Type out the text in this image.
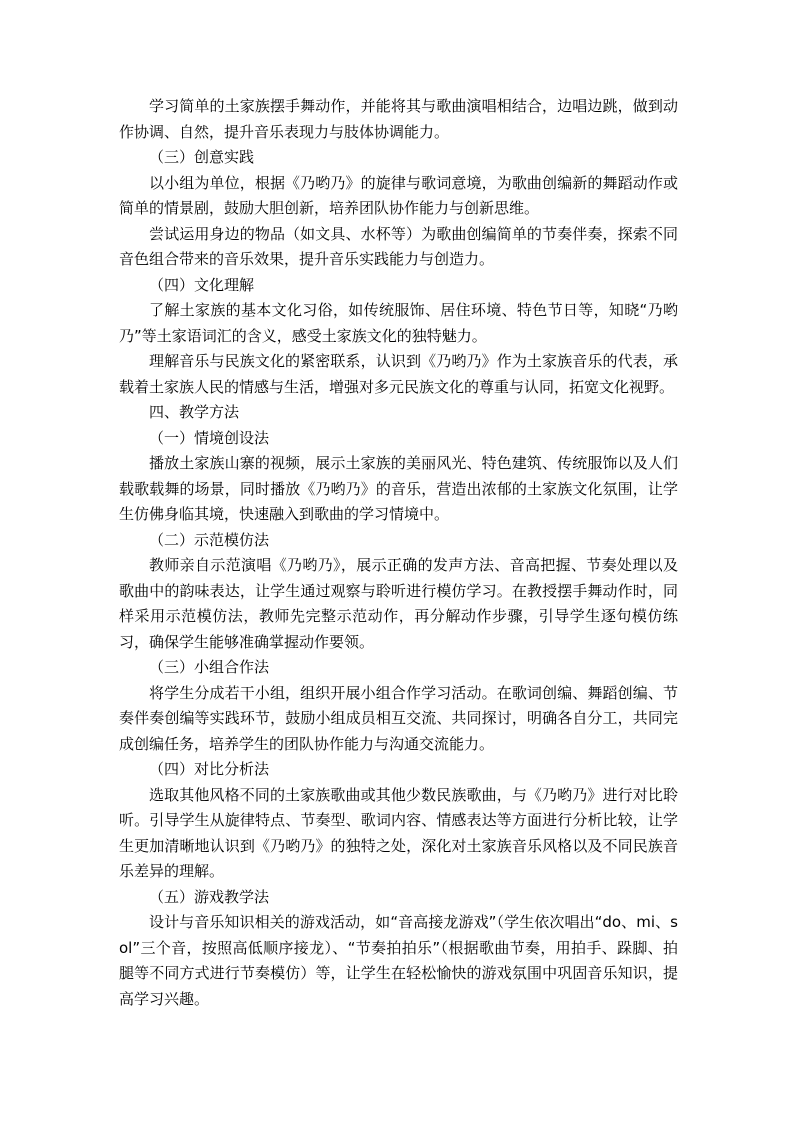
学习简单的土家族摆手舞动作，并能将其与歌曲演唱相结合，边唱边跳，做到动作协调、自然，提升音乐表现力与肢体协调能力。

（三）创意实践

以小组为单位，根据《乃哟乃》的旋律与歌词意境，为歌曲创编新的舞蹈动作或简单的情景剧，鼓励大胆创新，培养团队协作能力与创新思维。

尝试运用身边的物品（如文具、水杯等）为歌曲创编简单的节奏伴奏，探索不同音色组合带来的音乐效果，提升音乐实践能力与创造力。

（四）文化理解

了解土家族的基本文化习俗，如传统服饰、居住环境、特色节日等，知晓“乃哟乃”等土家语词汇的含义，感受土家族文化的独特魅力。

理解音乐与民族文化的紧密联系，认识到《乃哟乃》作为土家族音乐的代表，承载着土家族人民的情感与生活，增强对多元民族文化的尊重与认同，拓宽文化视野。

四、教学方法

（一）情境创设法

播放土家族山寨的视频，展示土家族的美丽风光、特色建筑、传统服饰以及人们载歌载舞的场景，同时播放《乃哟乃》的音乐，营造出浓郁的土家族文化氛围，让学生仿佛身临其境，快速融入到歌曲的学习情境中。

（二）示范模仿法

教师亲自示范演唱《乃哟乃》，展示正确的发声方法、音高把握、节奏处理以及歌曲中的韵味表达，让学生通过观察与聆听进行模仿学习。在教授摆手舞动作时，同样采用示范模仿法，教师先完整示范动作，再分解动作步骤，引导学生逐句模仿练习，确保学生能够准确掌握动作要领。

（三）小组合作法

将学生分成若干小组，组织开展小组合作学习活动。在歌词创编、舞蹈创编、节奏伴奏创编等实践环节，鼓励小组成员相互交流、共同探讨，明确各自分工，共同完成创编任务，培养学生的团队协作能力与沟通交流能力。

（四）对比分析法

选取其他风格不同的土家族歌曲或其他少数民族歌曲，与《乃哟乃》进行对比聆听。引导学生从旋律特点、节奏型、歌词内容、情感表达等方面进行分析比较，让学生更加清晰地认识到《乃哟乃》的独特之处，深化对土家族音乐风格以及不同民族音乐差异的理解。

（五）游戏教学法

设计与音乐知识相关的游戏活动，如“音高接龙游戏”（学生依次唱出“do、mi、sol”三个音，按照高低顺序接龙）、“节奏拍拍乐”（根据歌曲节奏，用拍手、跺脚、拍腿等不同方式进行节奏模仿）等，让学生在轻松愉快的游戏氛围中巩固音乐知识，提高学习兴趣。
